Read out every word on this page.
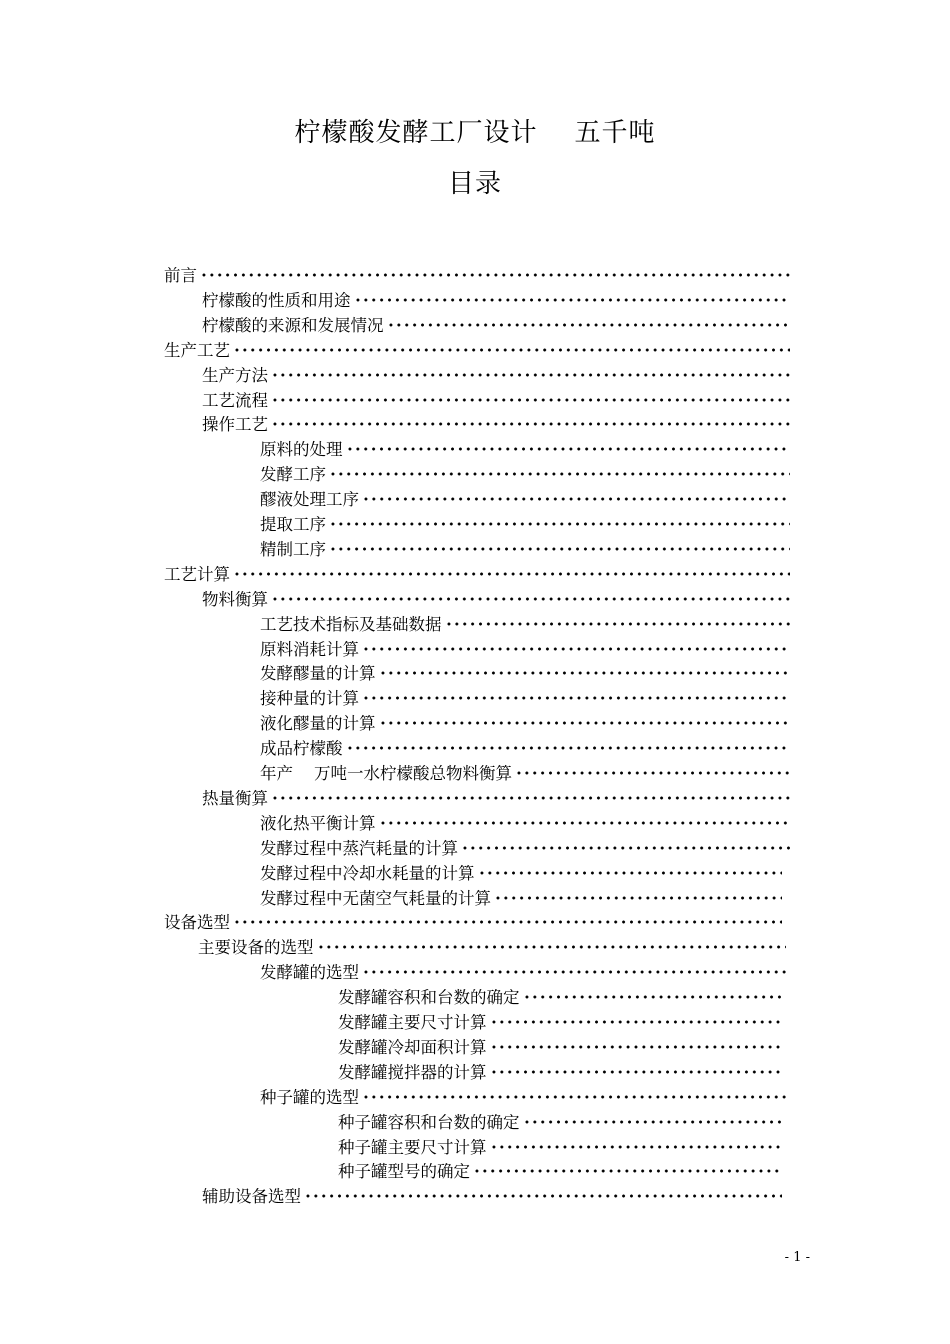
柠檬酸发酵工厂设计    五千吨
目录
前言
柠檬酸的性质和用途
柠檬酸的来源和发展情况
生产工艺
生产方法
工艺流程
操作工艺
原料的处理
发酵工序
醪液处理工序
提取工序
精制工序
工艺计算
物料衡算
工艺技术指标及基础数据
原料消耗计算
发酵醪量的计算
接种量的计算
液化醪量的计算
成品柠檬酸
年产    万吨一水柠檬酸总物料衡算
热量衡算
液化热平衡计算
发酵过程中蒸汽耗量的计算
发酵过程中冷却水耗量的计算
发酵过程中无菌空气耗量的计算
设备选型
主要设备的选型
发酵罐的选型
发酵罐容积和台数的确定
发酵罐主要尺寸计算
发酵罐冷却面积计算
发酵罐搅拌器的计算
种子罐的选型
种子罐容积和台数的确定
种子罐主要尺寸计算
种子罐型号的确定
辅助设备选型
- 1 -
